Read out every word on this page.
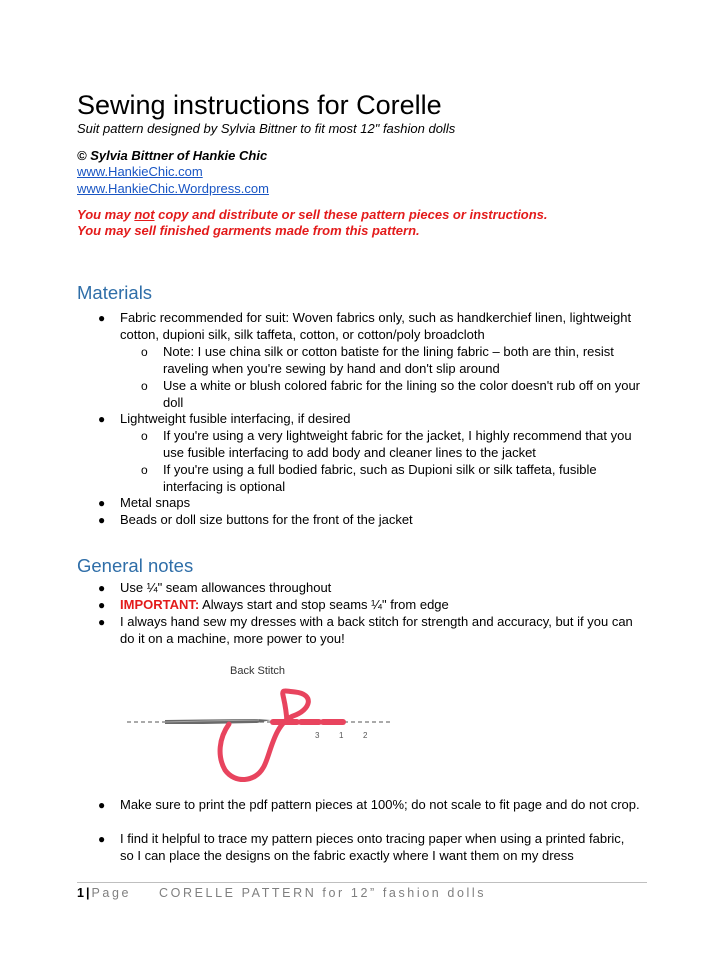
Sewing instructions for Corelle
Suit pattern designed by Sylvia Bittner to fit most 12" fashion dolls
© Sylvia Bittner of Hankie Chic
www.HankieChic.com
www.HankieChic.Wordpress.com
You may not copy and distribute or sell these pattern pieces or instructions.
You may sell finished garments made from this pattern.
Materials
● Fabric recommended for suit: Woven fabrics only, such as handkerchief linen, lightweight cotton, dupioni silk, silk taffeta, cotton, or cotton/poly broadcloth
o Note: I use china silk or cotton batiste for the lining fabric – both are thin, resist raveling when you're sewing by hand and don't slip around
o Use a white or blush colored fabric for the lining so the color doesn't rub off on your doll
● Lightweight fusible interfacing, if desired
o If you're using a very lightweight fabric for the jacket, I highly recommend that you use fusible interfacing to add body and cleaner lines to the jacket
o If you're using a full bodied fabric, such as Dupioni silk or silk taffeta, fusible interfacing is optional
● Metal snaps
● Beads or doll size buttons for the front of the jacket
General notes
● Use ¼" seam allowances throughout
● IMPORTANT: Always start and stop seams ¼" from edge
● I always hand sew my dresses with a back stitch for strength and accuracy, but if you can do it on a machine, more power to you!
● Make sure to print the pdf pattern pieces at 100%; do not scale to fit page and do not crop.
● I find it helpful to trace my pattern pieces onto tracing paper when using a printed fabric, so I can place the designs on the fabric exactly where I want them on my dress
Back Stitch
3 1 2
1 | Page CORELLE PATTERN for 12” fashion dolls
